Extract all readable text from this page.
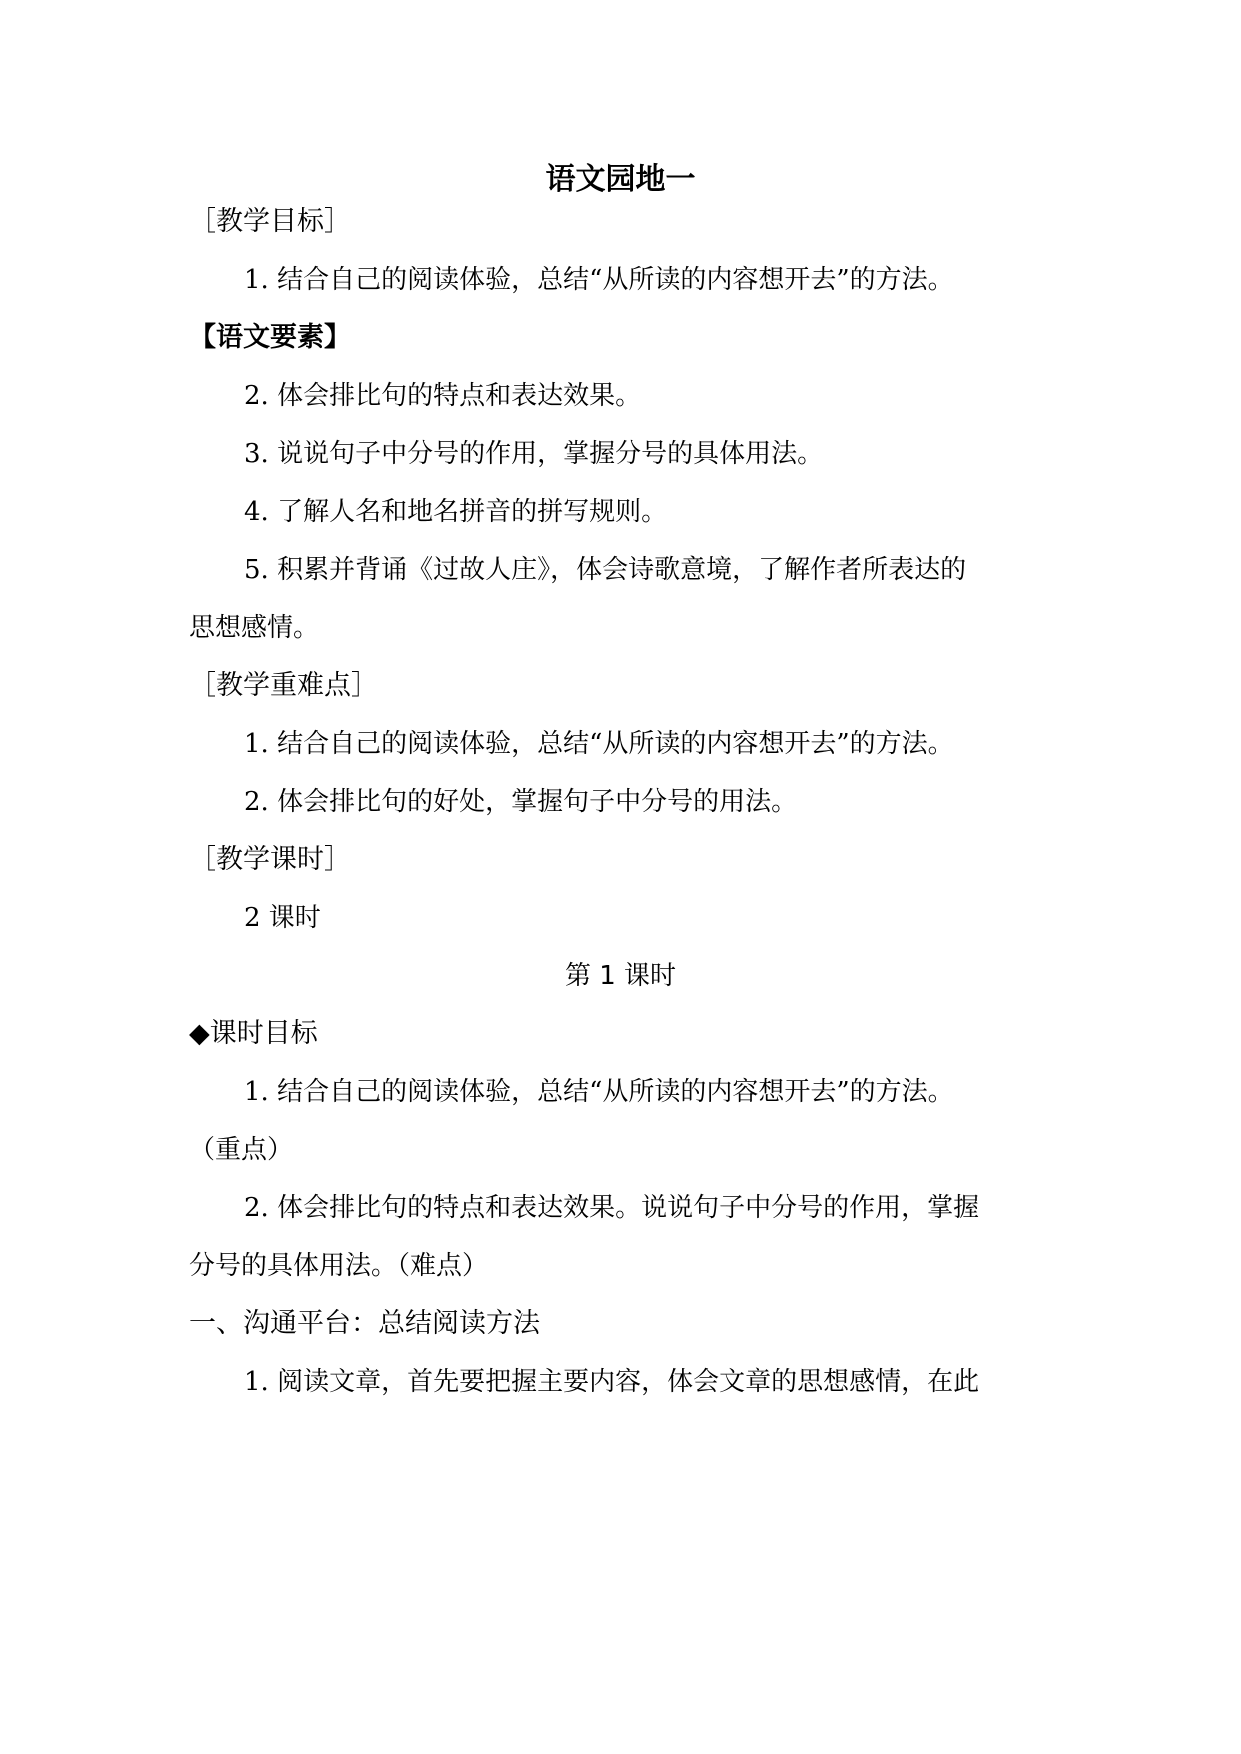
语文园地一
［教学目标］
1. 结合自己的阅读体验，总结“从所读的内容想开去”的方法。
【语文要素】
2. 体会排比句的特点和表达效果。
3. 说说句子中分号的作用，掌握分号的具体用法。
4. 了解人名和地名拼音的拼写规则。
5. 积累并背诵《过故人庄》，体会诗歌意境，了解作者所表达的
思想感情。
［教学重难点］
1. 结合自己的阅读体验，总结“从所读的内容想开去”的方法。
2. 体会排比句的好处，掌握句子中分号的用法。
［教学课时］
2 课时
第 1 课时
◆课时目标
1. 结合自己的阅读体验，总结“从所读的内容想开去”的方法。
（重点）
2. 体会排比句的特点和表达效果。说说句子中分号的作用，掌握
分号的具体用法。（难点）
一、沟通平台：总结阅读方法
1. 阅读文章，首先要把握主要内容，体会文章的思想感情，在此
